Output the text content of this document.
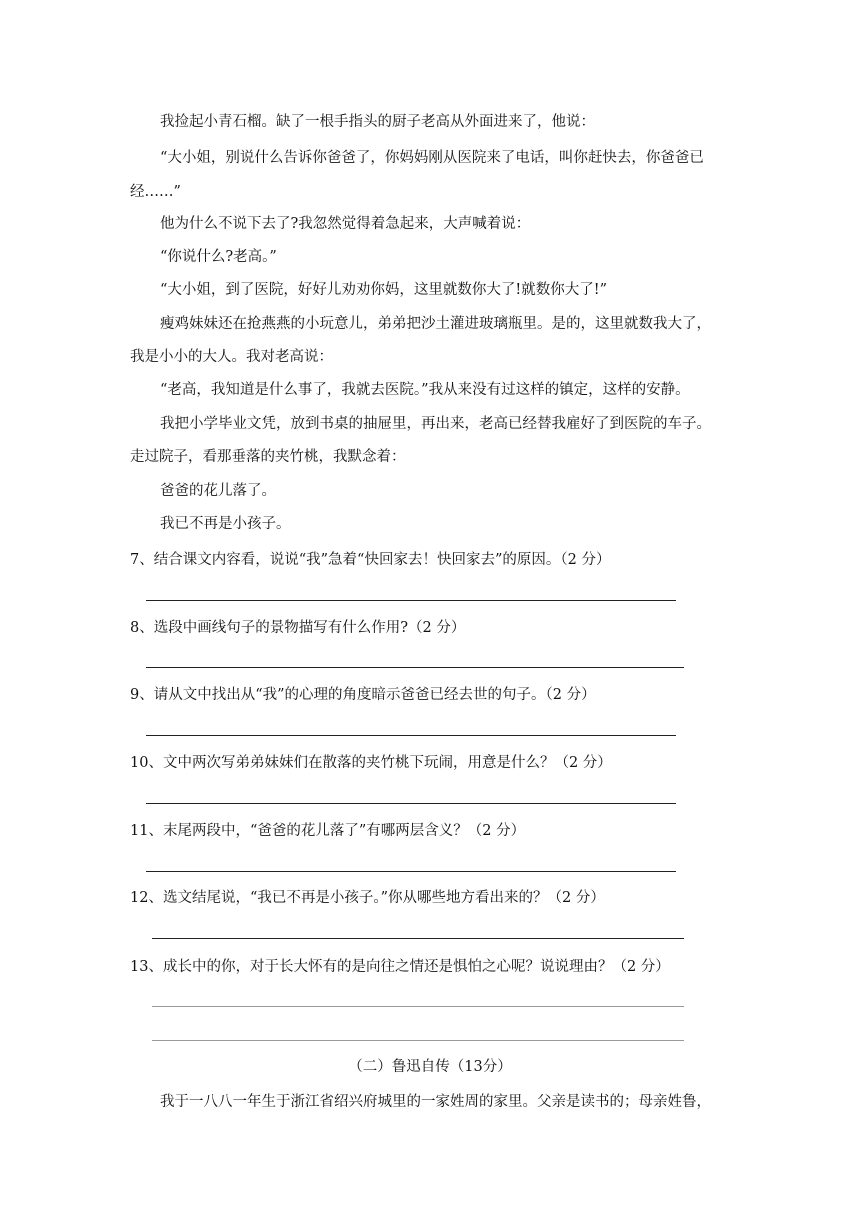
我捡起小青石榴。缺了一根手指头的厨子老高从外面进来了，他说：
“大小姐，别说什么告诉你爸爸了，你妈妈刚从医院来了电话，叫你赶快去，你爸爸已
经……”
他为什么不说下去了?我忽然觉得着急起来，大声喊着说：
“你说什么?老高。”
“大小姐，到了医院，好好儿劝劝你妈，这里就数你大了!就数你大了!”
瘦鸡妹妹还在抢燕燕的小玩意儿，弟弟把沙土灌进玻璃瓶里。是的，这里就数我大了，
我是小小的大人。我对老高说：
“老高，我知道是什么事了，我就去医院。”我从来没有过这样的镇定，这样的安静。
我把小学毕业文凭，放到书桌的抽屉里，再出来，老高已经替我雇好了到医院的车子。
走过院子，看那垂落的夹竹桃，我默念着：
爸爸的花儿落了。
我已不再是小孩子。
7、结合课文内容看，说说“我”急着“快回家去！快回家去”的原因。（2 分）
8、选段中画线句子的景物描写有什么作用?（2 分）
9、请从文中找出从“我”的心理的角度暗示爸爸已经去世的句子。（2 分）
10、文中两次写弟弟妹妹们在散落的夹竹桃下玩闹，用意是什么？（2 分）
11、末尾两段中，“爸爸的花儿落了”有哪两层含义？（2 分）
12、选文结尾说，“我已不再是小孩子。”你从哪些地方看出来的？（2 分）
13、成长中的你，对于长大怀有的是向往之情还是惧怕之心呢？说说理由？（2 分）
（二）鲁迅自传（13分）
我于一八八一年生于浙江省绍兴府城里的一家姓周的家里。父亲是读书的；母亲姓鲁，
